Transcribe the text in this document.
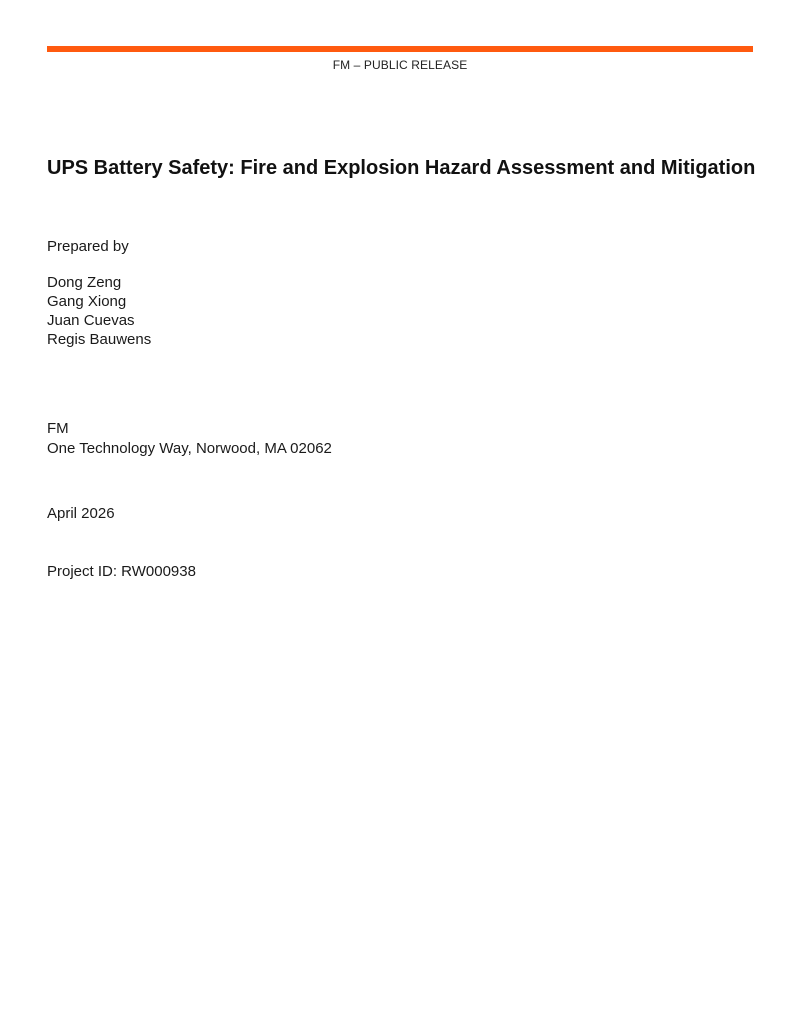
FM – PUBLIC RELEASE
UPS Battery Safety: Fire and Explosion Hazard Assessment and Mitigation
Prepared by
Dong Zeng
Gang Xiong
Juan Cuevas
Regis Bauwens
FM
One Technology Way, Norwood, MA 02062
April 2026
Project ID: RW000938
